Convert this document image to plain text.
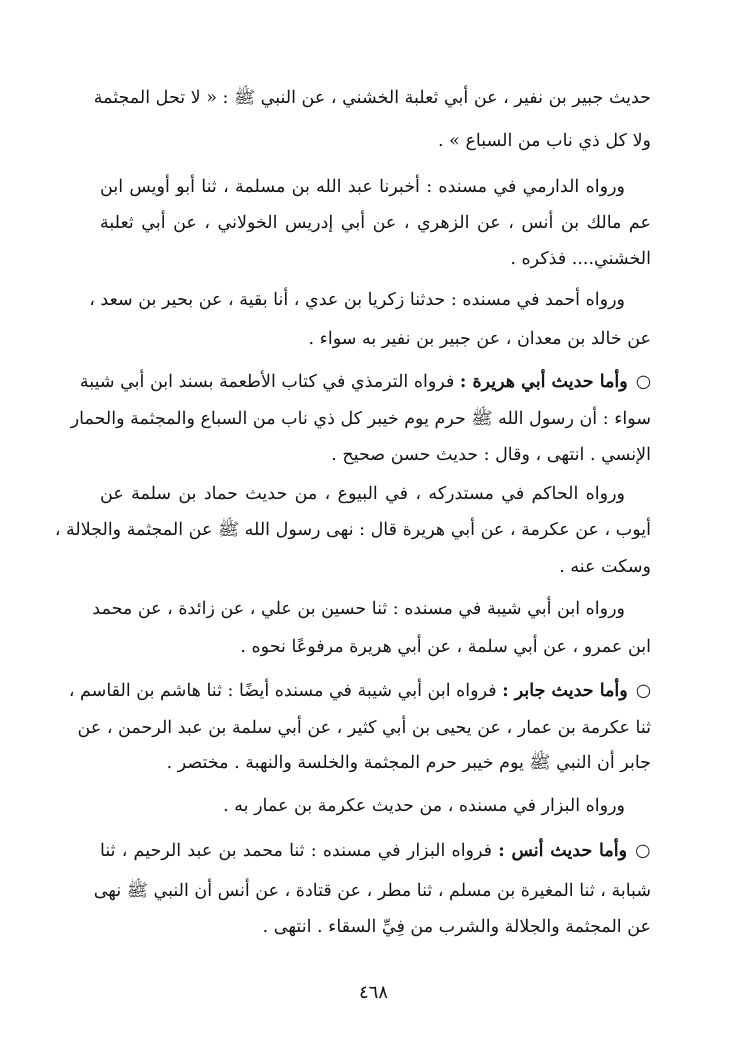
حديث جبير بن نفير ، عن أبي ثعلبة الخشني ، عن النبي ﷺ : « لا تحل المجثمة
ولا كل ذي ناب من السباع » .
ورواه الدارمي في مسنده : أخبرنا عبد الله بن مسلمة ، ثنا أبو أويس ابن
عم مالك بن أنس ، عن الزهري ، عن أبي إدريس الخولاني ، عن أبي ثعلبة
الخشني.... فذكره .
ورواه أحمد في مسنده : حدثنا زكريا بن عدي ، أنا بقية ، عن بحير بن سعد ،
عن خالد بن معدان ، عن جبير بن نفير به سواء .
○وأما حديث أبي هريرة : فرواه الترمذي في كتاب الأطعمة بسند ابن أبي شيبة
سواء : أن رسول الله ﷺ حرم يوم خيبر كل ذي ناب من السباع والمجثمة والحمار
الإنسي . انتهى ، وقال : حديث حسن صحيح .
ورواه الحاكم في مستدركه ، في البيوع ، من حديث حماد بن سلمة عن
أيوب ، عن عكرمة ، عن أبي هريرة قال : نهى رسول الله ﷺ عن المجثمة والجلالة ،
وسكت عنه .
ورواه ابن أبي شيبة في مسنده : ثنا حسين بن علي ، عن زائدة ، عن محمد
ابن عمرو ، عن أبي سلمة ، عن أبي هريرة مرفوعًا نحوه .
○وأما حديث جابر : فرواه ابن أبي شيبة في مسنده أيضًا : ثنا هاشم بن القاسم ،
ثنا عكرمة بن عمار ، عن يحيى بن أبي كثير ، عن أبي سلمة بن عبد الرحمن ، عن
جابر أن النبي ﷺ يوم خيبر حرم المجثمة والخلسة والنهبة . مختصر .
ورواه البزار في مسنده ، من حديث عكرمة بن عمار به .
○وأما حديث أنس : فرواه البزار في مسنده : ثنا محمد بن عبد الرحيم ، ثنا
شبابة ، ثنا المغيرة بن مسلم ، ثنا مطر ، عن قتادة ، عن أنس أن النبي ﷺ نهى
عن المجثمة والجلالة والشرب من فِيِّ السقاء . انتهى .
٤٦٨
